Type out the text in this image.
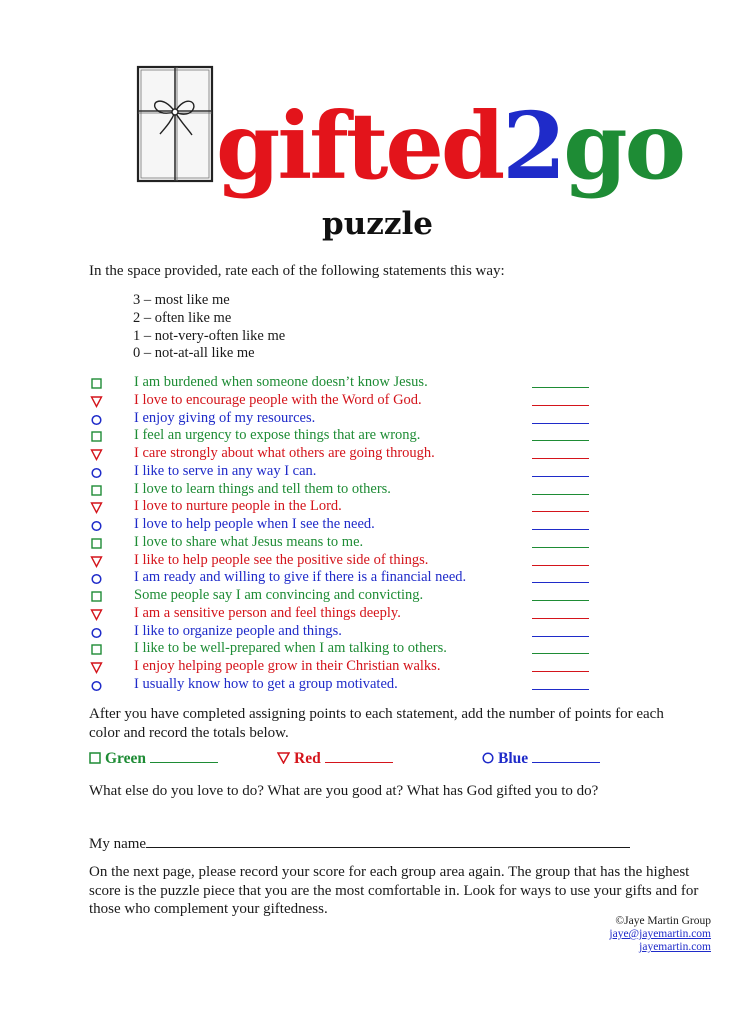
gifted2go
puzzle
In the space provided, rate each of the following statements this way:
3 – most like me
2 – often like me
1 – not-very-often like me
0 – not-at-all like me
I am burdened when someone doesn’t know Jesus.
I love to encourage people with the Word of God.
I enjoy giving of my resources.
I feel an urgency to expose things that are wrong.
I care strongly about what others are going through.
I like to serve in any way I can.
I love to learn things and tell them to others.
I love to nurture people in the Lord.
I love to help people when I see the need.
I love to share what Jesus means to me.
I like to help people see the positive side of things.
I am ready and willing to give if there is a financial need.
Some people say I am convincing and convicting.
I am a sensitive person and feel things deeply.
I like to organize people and things.
I like to be well-prepared when I am talking to others.
I enjoy helping people grow in their Christian walks.
I usually know how to get a group motivated.
After you have completed assigning points to each statement, add the number of points for each color and record the totals below.
Green	Red	Blue
What else do you love to do? What are you good at? What has God gifted you to do?
My name
On the next page, please record your score for each group area again. The group that has the highest score is the puzzle piece that you are the most comfortable in. Look for ways to use your gifts and for those who complement your giftedness.
©Jaye Martin Group
jaye@jayemartin.com
jayemartin.com
